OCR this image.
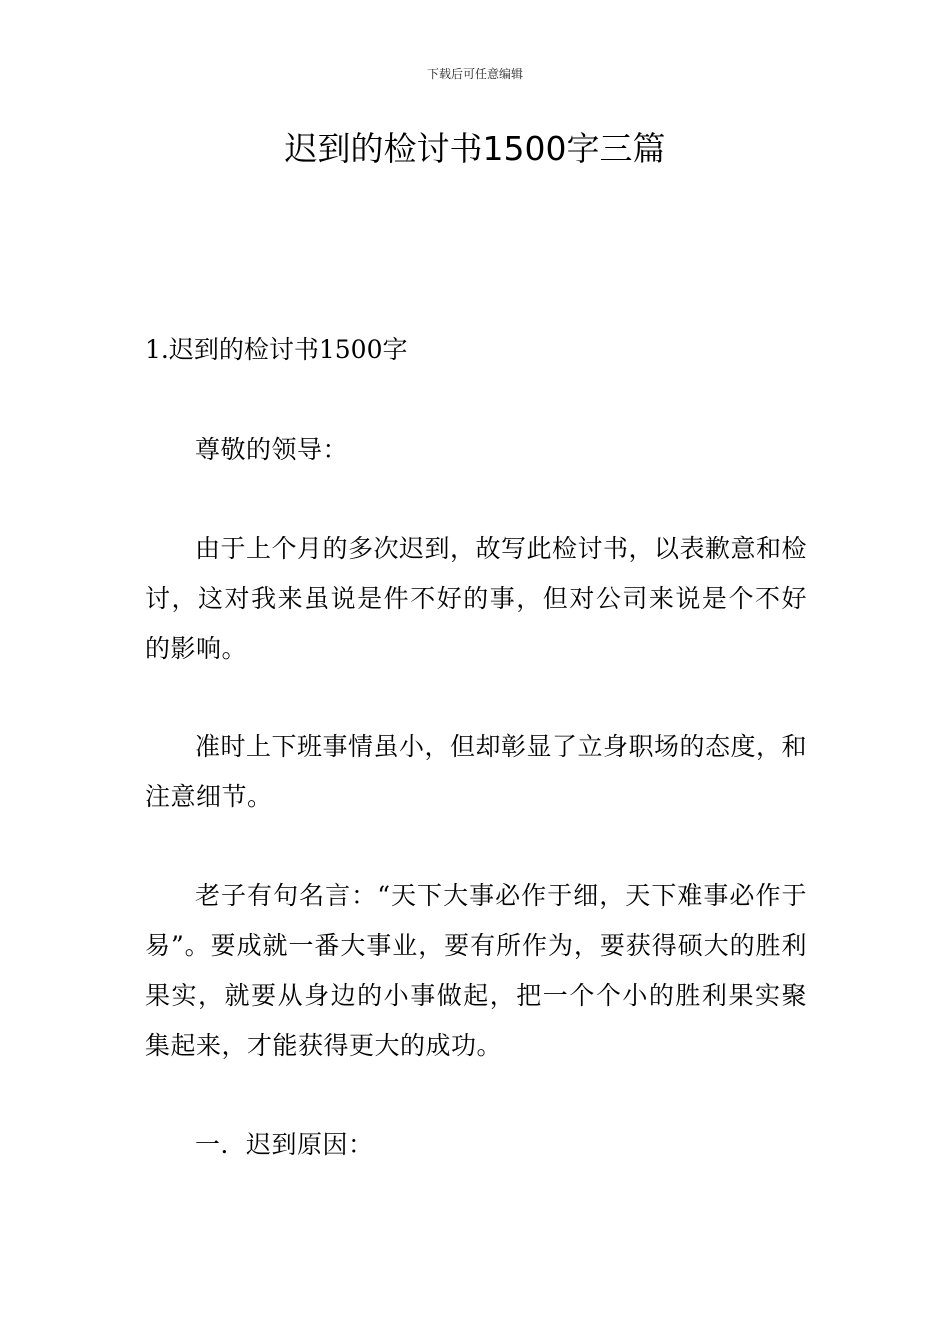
下载后可任意编辑
迟到的检讨书1500字三篇
1.迟到的检讨书1500字

尊敬的领导：

由于上个月的多次迟到，故写此检讨书，以表歉意和检讨，这对我来虽说是件不好的事，但对公司来说是个不好的影响。

准时上下班事情虽小，但却彰显了立身职场的态度，和注意细节。

老子有句名言：“天下大事必作于细，天下难事必作于易”。要成就一番大事业，要有所作为，要获得硕大的胜利果实，就要从身边的小事做起，把一个个小的胜利果实聚集起来，才能获得更大的成功。

一．迟到原因：
